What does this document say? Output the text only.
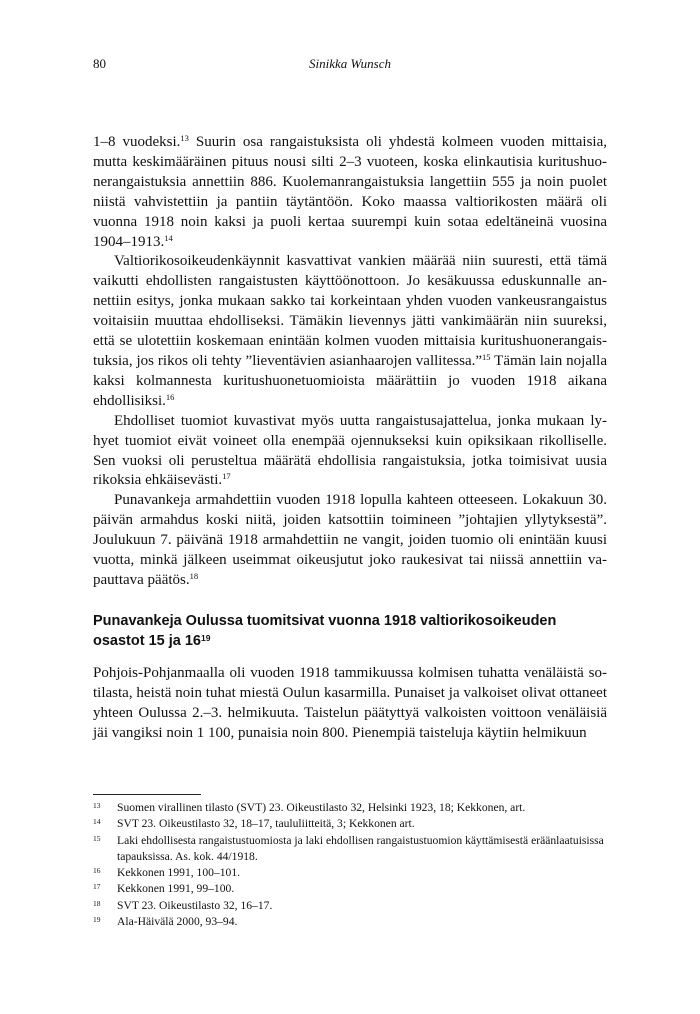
80	Sinikka Wunsch

1–8 vuodeksi.$^{13}$ Suurin osa rangaistuksista oli yhdestä kolmeen vuoden mittaisia, mutta keskimääräinen pituus nousi silti 2–3 vuoteen, koska elinkautisia kuritushuonerangaistuksia annettiin 886. Kuolemanrangaistuksia langettiin 555 ja noin puolet niistä vahvistettiin ja pantiin täytäntöön. Koko maassa valtiorikosten määrä oli vuonna 1918 noin kaksi ja puoli kertaa suurempi kuin sotaa edeltäneinä vuosina 1904–1913.14

Valtiorikosoikeudenkäynnit kasvattivat vankien määrää niin suuresti, että tämä vaikutti ehdollisten rangaistusten käyttöönottoon. Jo kesäkuussa eduskunnalle annettiin esitys, jonka mukaan sakko tai korkeintaan yhden vuoden vankeusrangaistus voitaisiin muuttaa ehdolliseksi. Tämäkin lievennys jätti vankimäärän niin suureksi, että se ulotettiin koskemaan enintään kolmen vuoden mittaisia kuritushuonerangaistuksia, jos rikos oli tehty ”lieventävien asianhaarojen vallitessa.”$^{15}$ Tämän lain nojalla kaksi kolmannesta kuritushuonetuomioista määrättiin jo vuoden 1918 aikana ehdollisiksi.$^{16}$

Ehdolliset tuomiot kuvastivat myös uutta rangaistusajattelua, jonka mukaan lyhyet tuomiot eivät voineet olla enempää ojennukseksi kuin opiksikaan rikolliselle. Sen vuoksi oli perusteltua määrätä ehdollisia rangaistuksia, jotka toimisivat uusia rikoksia ehkäisevästi.$^{17}$

Punavankeja armahdettiin vuoden 1918 lopulla kahteen otteeseen. Lokakuun 30. päivän armahdus koski niitä, joiden katsottiin toimineen ”johtajien yllytyksestä”. Joulukuun 7. päivänä 1918 armahdettiin ne vangit, joiden tuomio oli enintään kuusi vuotta, minkä jälkeen useimmat oikeusjutut joko raukesivat tai niissä annettiin vapauttava päätös.$^{18}$

Punavankeja Oulussa tuomitsivat vuonna 1918 valtiorikosoikeuden osastot 15 ja $16^{19}$

Pohjois-Pohjanmaalla oli vuoden 1918 tammikuussa kolmisen tuhatta venäläistä sotilasta, heistä noin tuhat miestä Oulun kasarmilla. Punaiset ja valkoiset olivat ottaneet yhteen Oulussa 2.–3. helmikuuta. Taistelun päätyttyä valkoisten voittoon venäläisiä jäi vangiksi noin 1 100, punaisia noin 800. Pienempiä taisteluja käytiin helmikuun

13 Suomen virallinen tilasto (SVT) 23. Oikeustilasto 32, Helsinki 1923, 18; Kekkonen, art.
14 SVT 23. Oikeustilasto 32, 18–17, taululiitteitä, 3; Kekkonen art.
15 Laki ehdollisesta rangaistustuomiosta ja laki ehdollisen rangaistustuomion käyttämisestä eräänlaatuisissa tapauksissa. As. kok. 44/1918.
16 Kekkonen 1991, 100–101.
17 Kekkonen 1991, 99–100.
18 SVT 23. Oikeustilasto 32, 16–17.
19 Ala-Häivälä 2000, 93–94.
